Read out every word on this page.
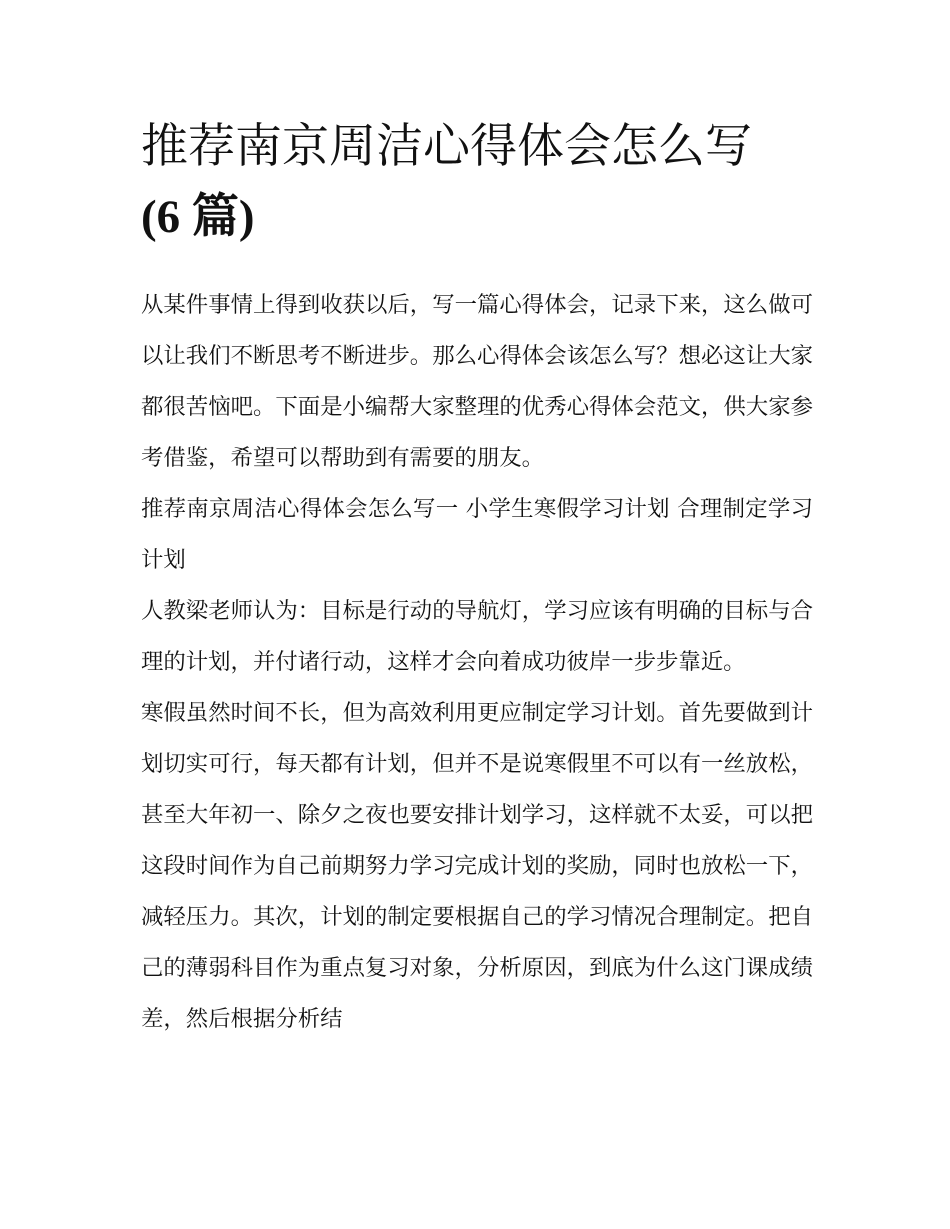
推荐南京周洁心得体会怎么写
(6 篇)

从某件事情上得到收获以后，写一篇心得体会，记录下来，这么做可以让我们不断思考不断进步。那么心得体会该怎么写？想必这让大家都很苦恼吧。下面是小编帮大家整理的优秀心得体会范文，供大家参考借鉴，希望可以帮助到有需要的朋友。

推荐南京周洁心得体会怎么写一 小学生寒假学习计划 合理制定学习计划

人教梁老师认为：目标是行动的导航灯，学习应该有明确的目标与合理的计划，并付诸行动，这样才会向着成功彼岸一步步靠近。

寒假虽然时间不长，但为高效利用更应制定学习计划。首先要做到计划切实可行，每天都有计划，但并不是说寒假里不可以有一丝放松，甚至大年初一、除夕之夜也要安排计划学习，这样就不太妥，可以把这段时间作为自己前期努力学习完成计划的奖励，同时也放松一下，减轻压力。其次，计划的制定要根据自己的学习情况合理制定。把自己的薄弱科目作为重点复习对象，分析原因，到底为什么这门课成绩差，然后根据分析结
